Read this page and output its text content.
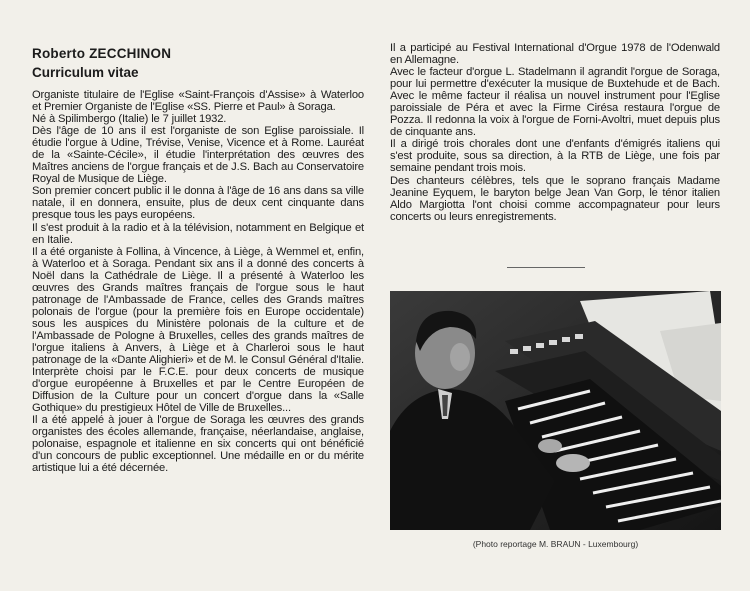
Roberto ZECCHINON
Curriculum vitae

Organiste titulaire de l'Eglise «Saint-François d'Assise» à Waterloo et Premier Organiste de l'Eglise «SS. Pierre et Paul» à Soraga.

Né à Spilimbergo (Italie) le 7 juillet 1932.

Dès l'âge de 10 ans il est l'organiste de son Eglise paroissiale. Il étudie l'orgue à Udine, Trévise, Venise, Vicence et à Rome. Lauréat de la «Sainte-Cécile», il étudie l'interprétation des œuvres des Maîtres anciens de l'orgue français et de J.S. Bach au Conservatoire Royal de Musique de Liège.

Son premier concert public il le donna à l'âge de 16 ans dans sa ville natale, il en donnera, ensuite, plus de deux cent cinquante dans presque tous les pays européens.

Il s'est produit à la radio et à la télévision, notamment en Belgique et en Italie.

Il a été organiste à Follina, à Vincence, à Liège, à Wemmel et, enfin, à Waterloo et à Soraga. Pendant six ans il a donné des concerts à Noël dans la Cathédrale de Liège. Il a présenté à Waterloo les œuvres des Grands maîtres français de l'orgue sous le haut patronage de l'Ambassade de France, celles des Grands maîtres polonais de l'orgue (pour la première fois en Europe occidentale) sous les auspices du Ministère polonais de la culture et de l'Ambassade de Pologne à Bruxelles, celles des grands maîtres de l'orgue italiens à Anvers, à Liège et à Charleroi sous le haut patronage de la «Dante Alighieri» et de M. le Consul Général d'Italie. Interprète choisi par le F.C.E. pour deux concerts de musique d'orgue européenne à Bruxelles et par le Centre Européen de Diffusion de la Culture pour un concert d'orgue dans la «Salle Gothique» du prestigieux Hôtel de Ville de Bruxelles...

Il a été appelé à jouer à l'orgue de Soraga les œuvres des grands organistes des écoles allemande, française, néerlandaise, anglaise, polonaise, espagnole et italienne en six concerts qui ont bénéficié d'un concours de public exceptionnel. Une médaille en or du mérite artistique lui a été décernée.

Il a participé au Festival International d'Orgue 1978 de l'Odenwald en Allemagne.

Avec le facteur d'orgue L. Stadelmann il agrandit l'orgue de Soraga, pour lui permettre d'exécuter la musique de Buxtehude et de Bach. Avec le même facteur il réalisa un nouvel instrument pour l'Eglise paroissiale de Péra et avec la Firme Cirésa restaura l'orgue de Pozza. Il redonna la voix à l'orgue de Forni-Avoltri, muet depuis plus de cinquante ans.

Il a dirigé trois chorales dont une d'enfants d'émigrés italiens qui s'est produite, sous sa direction, à la RTB de Liège, une fois par semaine pendant trois mois.

Des chanteurs célèbres, tels que le soprano français Madame Jeanine Eyquem, le baryton belge Jean Van Gorp, le ténor italien Aldo Margiotta l'ont choisi comme accompagnateur pour leurs concerts ou leurs enregistrements.

(Photo reportage M. BRAUN - Luxembourg)
